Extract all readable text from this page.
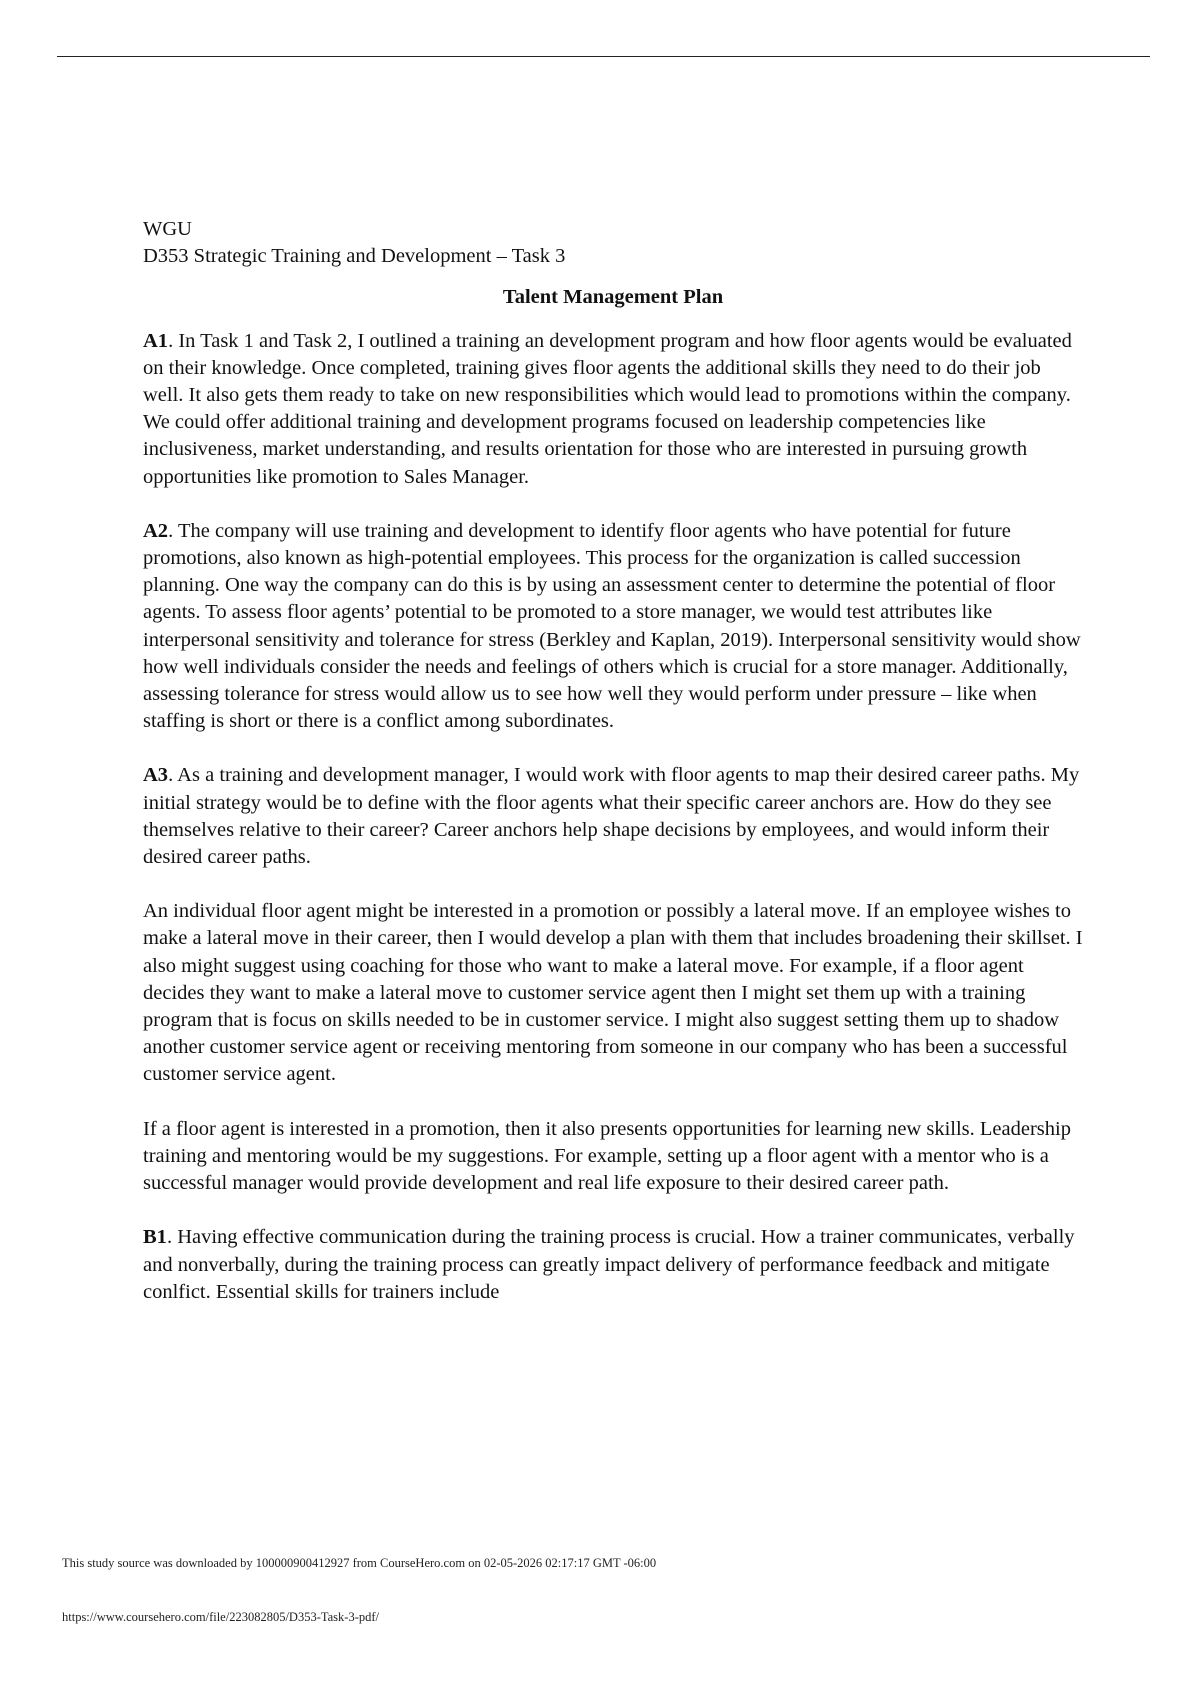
WGU

D353 Strategic Training and Development – Task 3

Talent Management Plan

A1. In Task 1 and Task 2, I outlined a training an development program and how floor agents would be evaluated on their knowledge. Once completed, training gives floor agents the additional skills they need to do their job well. It also gets them ready to take on new responsibilities which would lead to promotions within the company. We could offer additional training and development programs focused on leadership competencies like inclusiveness, market understanding, and results orientation for those who are interested in pursuing growth opportunities like promotion to Sales Manager.

A2. The company will use training and development to identify floor agents who have potential for future promotions, also known as high-potential employees. This process for the organization is called succession planning. One way the company can do this is by using an assessment center to determine the potential of floor agents. To assess floor agents’ potential to be promoted to a store manager, we would test attributes like interpersonal sensitivity and tolerance for stress (Berkley and Kaplan, 2019). Interpersonal sensitivity would show how well individuals consider the needs and feelings of others which is crucial for a store manager. Additionally, assessing tolerance for stress would allow us to see how well they would perform under pressure – like when staffing is short or there is a conflict among subordinates.

A3. As a training and development manager, I would work with floor agents to map their desired career paths. My initial strategy would be to define with the floor agents what their specific career anchors are. How do they see themselves relative to their career? Career anchors help shape decisions by employees, and would inform their desired career paths.

An individual floor agent might be interested in a promotion or possibly a lateral move. If an employee wishes to make a lateral move in their career, then I would develop a plan with them that includes broadening their skillset. I also might suggest using coaching for those who want to make a lateral move. For example, if a floor agent decides they want to make a lateral move to customer service agent then I might set them up with a training program that is focus on skills needed to be in customer service. I might also suggest setting them up to shadow another customer service agent or receiving mentoring from someone in our company who has been a successful customer service agent.

If a floor agent is interested in a promotion, then it also presents opportunities for learning new skills. Leadership training and mentoring would be my suggestions. For example, setting up a floor agent with a mentor who is a successful manager would provide development and real life exposure to their desired career path.

B1. Having effective communication during the training process is crucial. How a trainer communicates, verbally and nonverbally, during the training process can greatly impact delivery of performance feedback and mitigate conlfict. Essential skills for trainers include

This study source was downloaded by 100000900412927 from CourseHero.com on 02-05-2026 02:17:17 GMT -06:00
https://www.coursehero.com/file/223082805/D353-Task-3-pdf/
